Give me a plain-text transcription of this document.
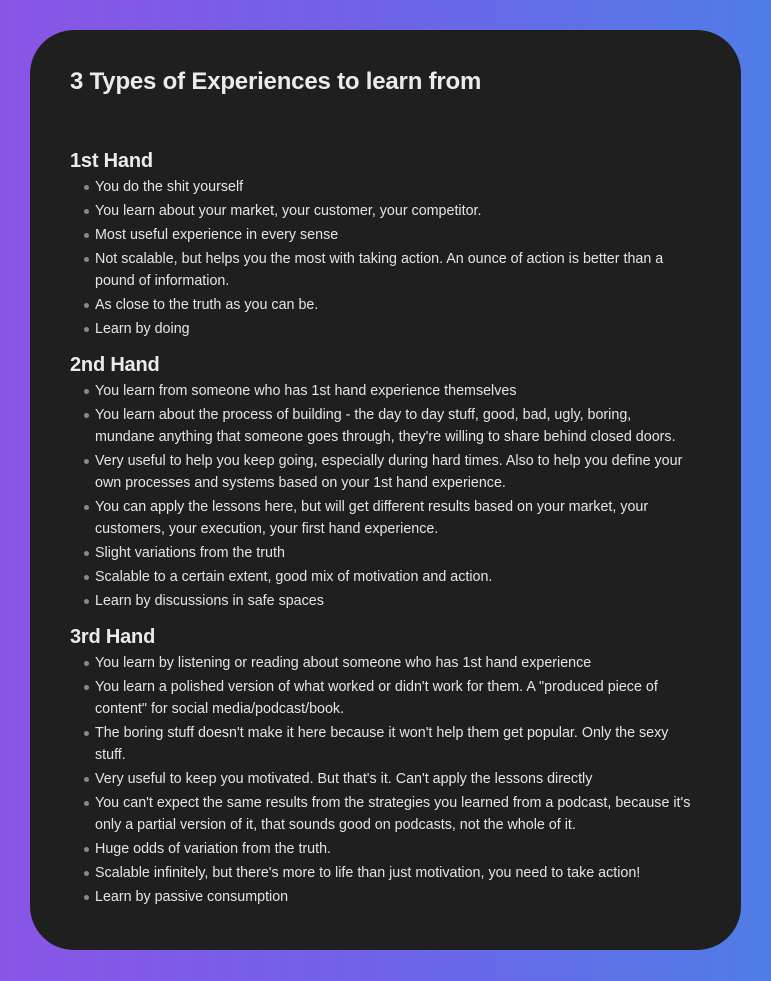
3 Types of Experiences to learn from
1st Hand
You do the shit yourself
You learn about your market, your customer, your competitor.
Most useful experience in every sense
Not scalable, but helps you the most with taking action. An ounce of action is better than a pound of information.
As close to the truth as you can be.
Learn by doing
2nd Hand
You learn from someone who has 1st hand experience themselves
You learn about the process of building - the day to day stuff, good, bad, ugly, boring, mundane anything that someone goes through, they're willing to share behind closed doors.
Very useful to help you keep going, especially during hard times. Also to help you define your own processes and systems based on your 1st hand experience.
You can apply the lessons here, but will get different results based on your market, your customers, your execution, your first hand experience.
Slight variations from the truth
Scalable to a certain extent, good mix of motivation and action.
Learn by discussions in safe spaces
3rd Hand
You learn by listening or reading about someone who has 1st hand experience
You learn a polished version of what worked or didn't work for them. A "produced piece of content" for social media/podcast/book.
The boring stuff doesn't make it here because it won't help them get popular. Only the sexy stuff.
Very useful to keep you motivated. But that's it. Can't apply the lessons directly
You can't expect the same results from the strategies you learned from a podcast, because it's only a partial version of it, that sounds good on podcasts, not the whole of it.
Huge odds of variation from the truth.
Scalable infinitely, but there's more to life than just motivation, you need to take action!
Learn by passive consumption
